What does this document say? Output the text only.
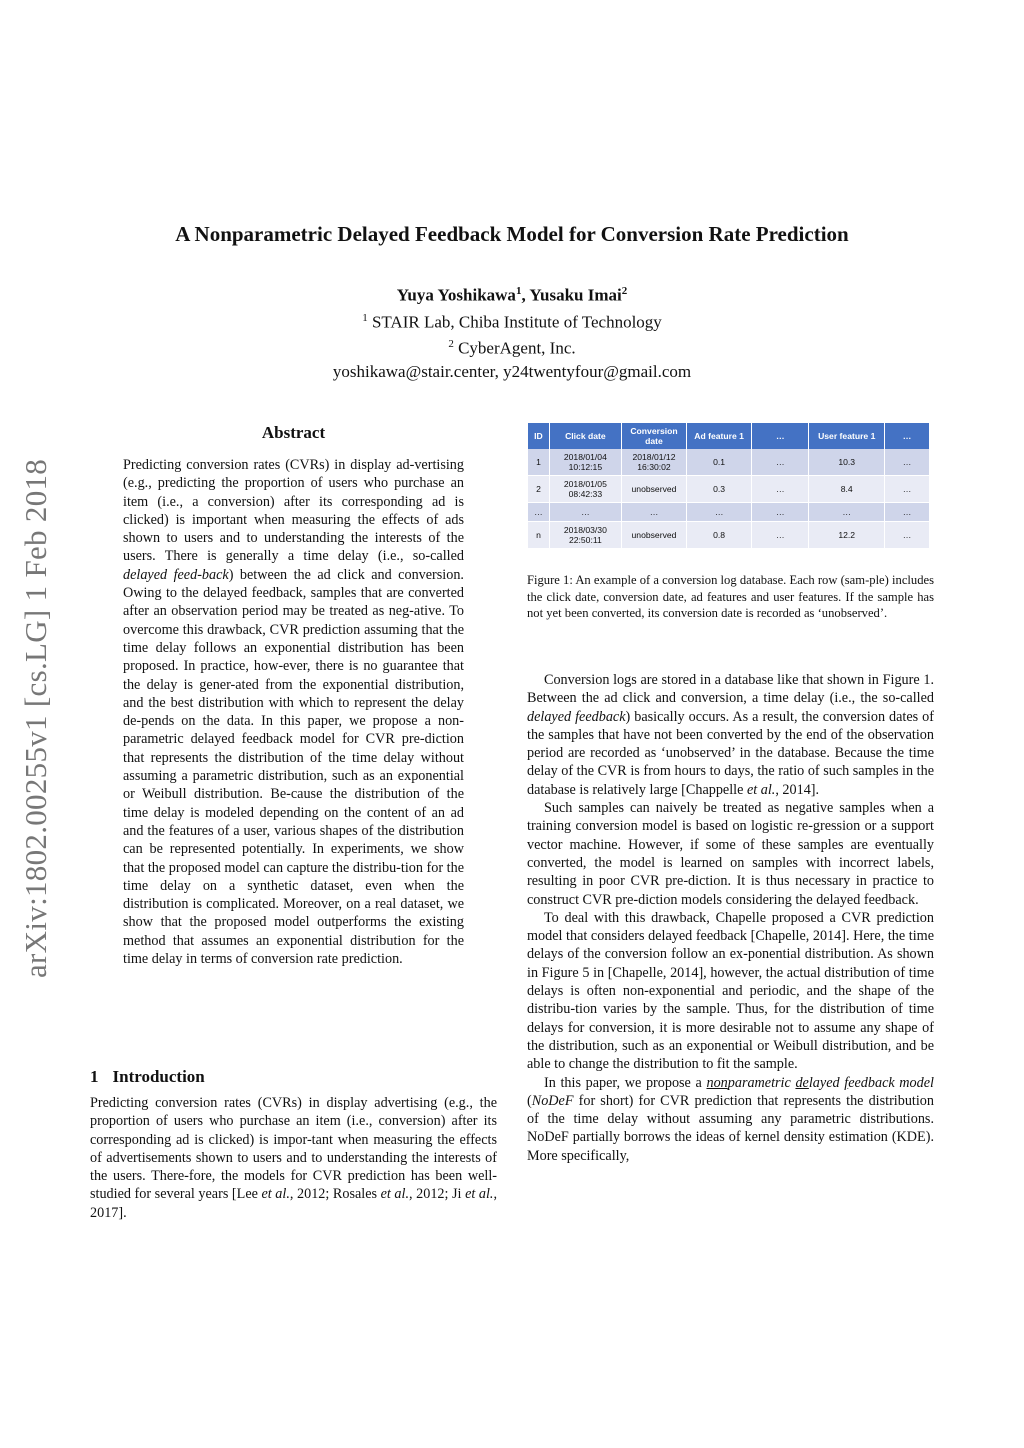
A Nonparametric Delayed Feedback Model for Conversion Rate Prediction
Yuya Yoshikawa$^1$, Yusaku Imai$^2$
$^1$ STAIR Lab, Chiba Institute of Technology
$^2$ CyberAgent, Inc.
yoshikawa@stair.center, y24twentyfour@gmail.com
arXiv:1802.00255v1 [cs.LG] 1 Feb 2018
Abstract

Predicting conversion rates (CVRs) in display ad-vertising (e.g., predicting the proportion of users who purchase an item (i.e., a conversion) after its corresponding ad is clicked) is important when measuring the effects of ads shown to users and to understanding the interests of the users. There is generally a time delay (i.e., so-called delayed feed-back) between the ad click and conversion. Owing to the delayed feedback, samples that are converted after an observation period may be treated as neg-ative. To overcome this drawback, CVR prediction assuming that the time delay follows an exponential distribution has been proposed. In practice, how-ever, there is no guarantee that the delay is gener-ated from the exponential distribution, and the best distribution with which to represent the delay de-pends on the data. In this paper, we propose a non-parametric delayed feedback model for CVR pre-diction that represents the distribution of the time delay without assuming a parametric distribution, such as an exponential or Weibull distribution. Be-cause the distribution of the time delay is modeled depending on the content of an ad and the features of a user, various shapes of the distribution can be represented potentially. In experiments, we show that the proposed model can capture the distribu-tion for the time delay on a synthetic dataset, even when the distribution is complicated. Moreover, on a real dataset, we show that the proposed model outperforms the existing method that assumes an exponential distribution for the time delay in terms of conversion rate prediction.

1 Introduction

Predicting conversion rates (CVRs) in display advertising (e.g., the proportion of users who purchase an item (i.e., conversion) after its corresponding ad is clicked) is impor-tant when measuring the effects of advertisements shown to users and to understanding the interests of the users. There-fore, the models for CVR prediction has been well-studied for several years [Lee et al., 2012; Rosales et al., 2012; Ji et al., 2017].

ID	Click date	Conversion date	Ad feature 1	…	User feature 1	…
1	2018/01/04 10:12:15	2018/01/12 16:30:02	0.1	…	10.3	…
2	2018/01/05 08:42:33	unobserved	0.3	…	8.4	…
…	…	…	…	…	…	…
n	2018/03/30 22:50:11	unobserved	0.8	…	12.2	…
Figure 1: An example of a conversion log database. Each row (sam-ple) includes the click date, conversion date, ad features and user features. If the sample has not yet been converted, its conversion date is recorded as ‘unobserved’.

Conversion logs are stored in a database like that shown in Figure 1. Between the ad click and conversion, a time delay (i.e., the so-called delayed feedback) basically occurs. As a result, the conversion dates of the samples that have not been converted by the end of the observation period are recorded as ‘unobserved’ in the database. Because the time delay of the CVR is from hours to days, the ratio of such samples in the database is relatively large [Chappelle et al., 2014].

Such samples can naively be treated as negative samples when a training conversion model is based on logistic re-gression or a support vector machine. However, if some of these samples are eventually converted, the model is learned on samples with incorrect labels, resulting in poor CVR pre-diction. It is thus necessary in practice to construct CVR pre-diction models considering the delayed feedback.

To deal with this drawback, Chapelle proposed a CVR prediction model that considers delayed feedback [Chapelle, 2014]. Here, the time delays of the conversion follow an ex-ponential distribution. As shown in Figure 5 in [Chapelle, 2014], however, the actual distribution of time delays is often non-exponential and periodic, and the shape of the distribu-tion varies by the sample. Thus, for the distribution of time delays for conversion, it is more desirable not to assume any shape of the distribution, such as an exponential or Weibull distribution, and be able to change the distribution to fit the sample.

In this paper, we propose a nonparametric delayed feedback model (NoDeF for short) for CVR prediction that represents the distribution of the time delay without assuming any parametric distributions. NoDeF partially borrows the ideas of kernel density estimation (KDE). More specifically,
